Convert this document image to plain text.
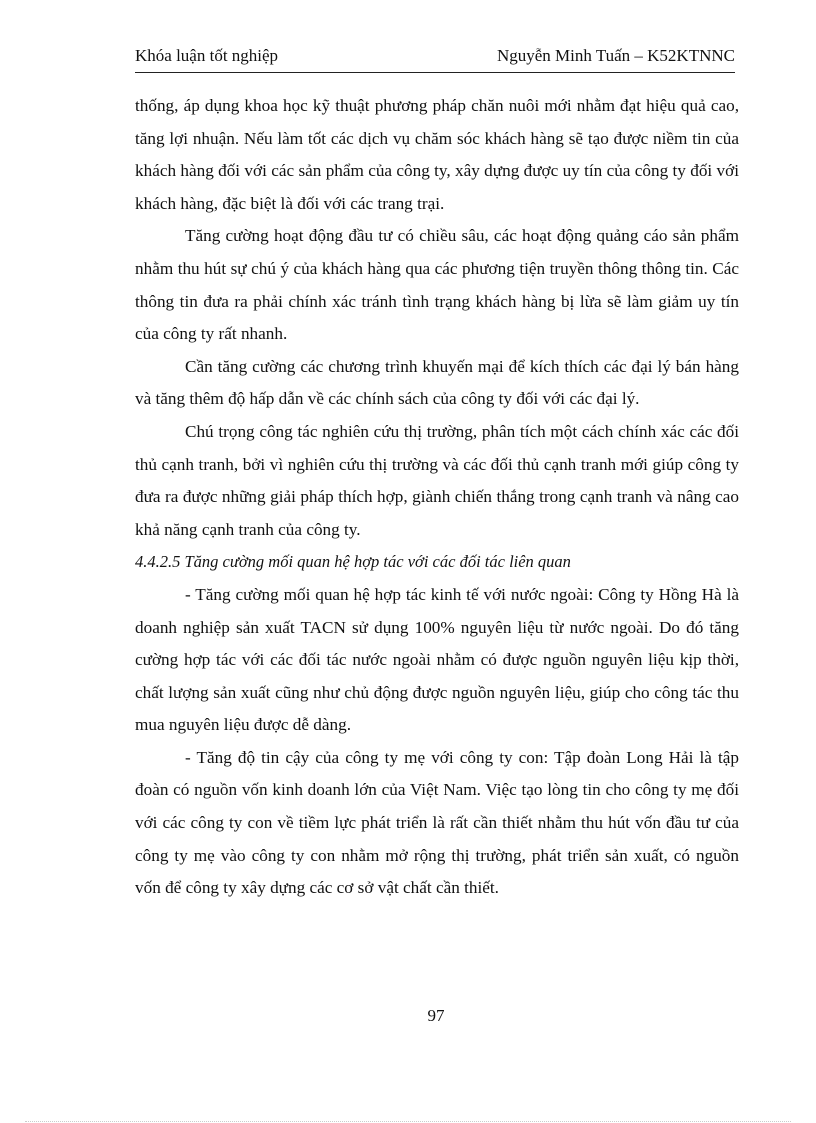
Khóa luận tốt nghiệp	Nguyễn Minh Tuấn – K52KTNNC

thống, áp dụng khoa học kỹ thuật phương pháp chăn nuôi mới nhằm đạt hiệu quả cao, tăng lợi nhuận. Nếu làm tốt các dịch vụ chăm sóc khách hàng sẽ tạo được niềm tin của khách hàng đối với các sản phẩm của công ty, xây dựng được uy tín của công ty đối với khách hàng, đặc biệt là đối với các trang trại.

Tăng cường hoạt động đầu tư có chiều sâu, các hoạt động quảng cáo sản phẩm nhằm thu hút sự chú ý của khách hàng qua các phương tiện truyền thông thông tin. Các thông tin đưa ra phải chính xác tránh tình trạng khách hàng bị lừa sẽ làm giảm uy tín của công ty rất nhanh.

Cần tăng cường các chương trình khuyến mại để kích thích các đại lý bán hàng và tăng thêm độ hấp dẫn về các chính sách của công ty đối với các đại lý.

Chú trọng công tác nghiên cứu thị trường, phân tích một cách chính xác các đối thủ cạnh tranh, bởi vì nghiên cứu thị trường và các đối thủ cạnh tranh mới giúp công ty đưa ra được những giải pháp thích hợp, giành chiến thắng trong cạnh tranh và nâng cao khả năng cạnh tranh của công ty.

4.4.2.5 Tăng cường mối quan hệ hợp tác với các đối tác liên quan

- Tăng cường mối quan hệ hợp tác kinh tế với nước ngoài: Công ty Hồng Hà là doanh nghiệp sản xuất TACN sử dụng 100% nguyên liệu từ nước ngoài. Do đó tăng cường hợp tác với các đối tác nước ngoài nhằm có được nguồn nguyên liệu kịp thời, chất lượng sản xuất cũng như chủ động được nguồn nguyên liệu, giúp cho công tác thu mua nguyên liệu được dễ dàng.

- Tăng độ tin cậy của công ty mẹ với công ty con: Tập đoàn Long Hải là tập đoàn có nguồn vốn kinh doanh lớn của Việt Nam. Việc tạo lòng tin cho công ty mẹ đối với các công ty con về tiềm lực phát triển là rất cần thiết nhằm thu hút vốn đầu tư của công ty mẹ vào công ty con nhằm mở rộng thị trường, phát triển sản xuất, có nguồn vốn để công ty xây dựng các cơ sở vật chất cần thiết.

97
